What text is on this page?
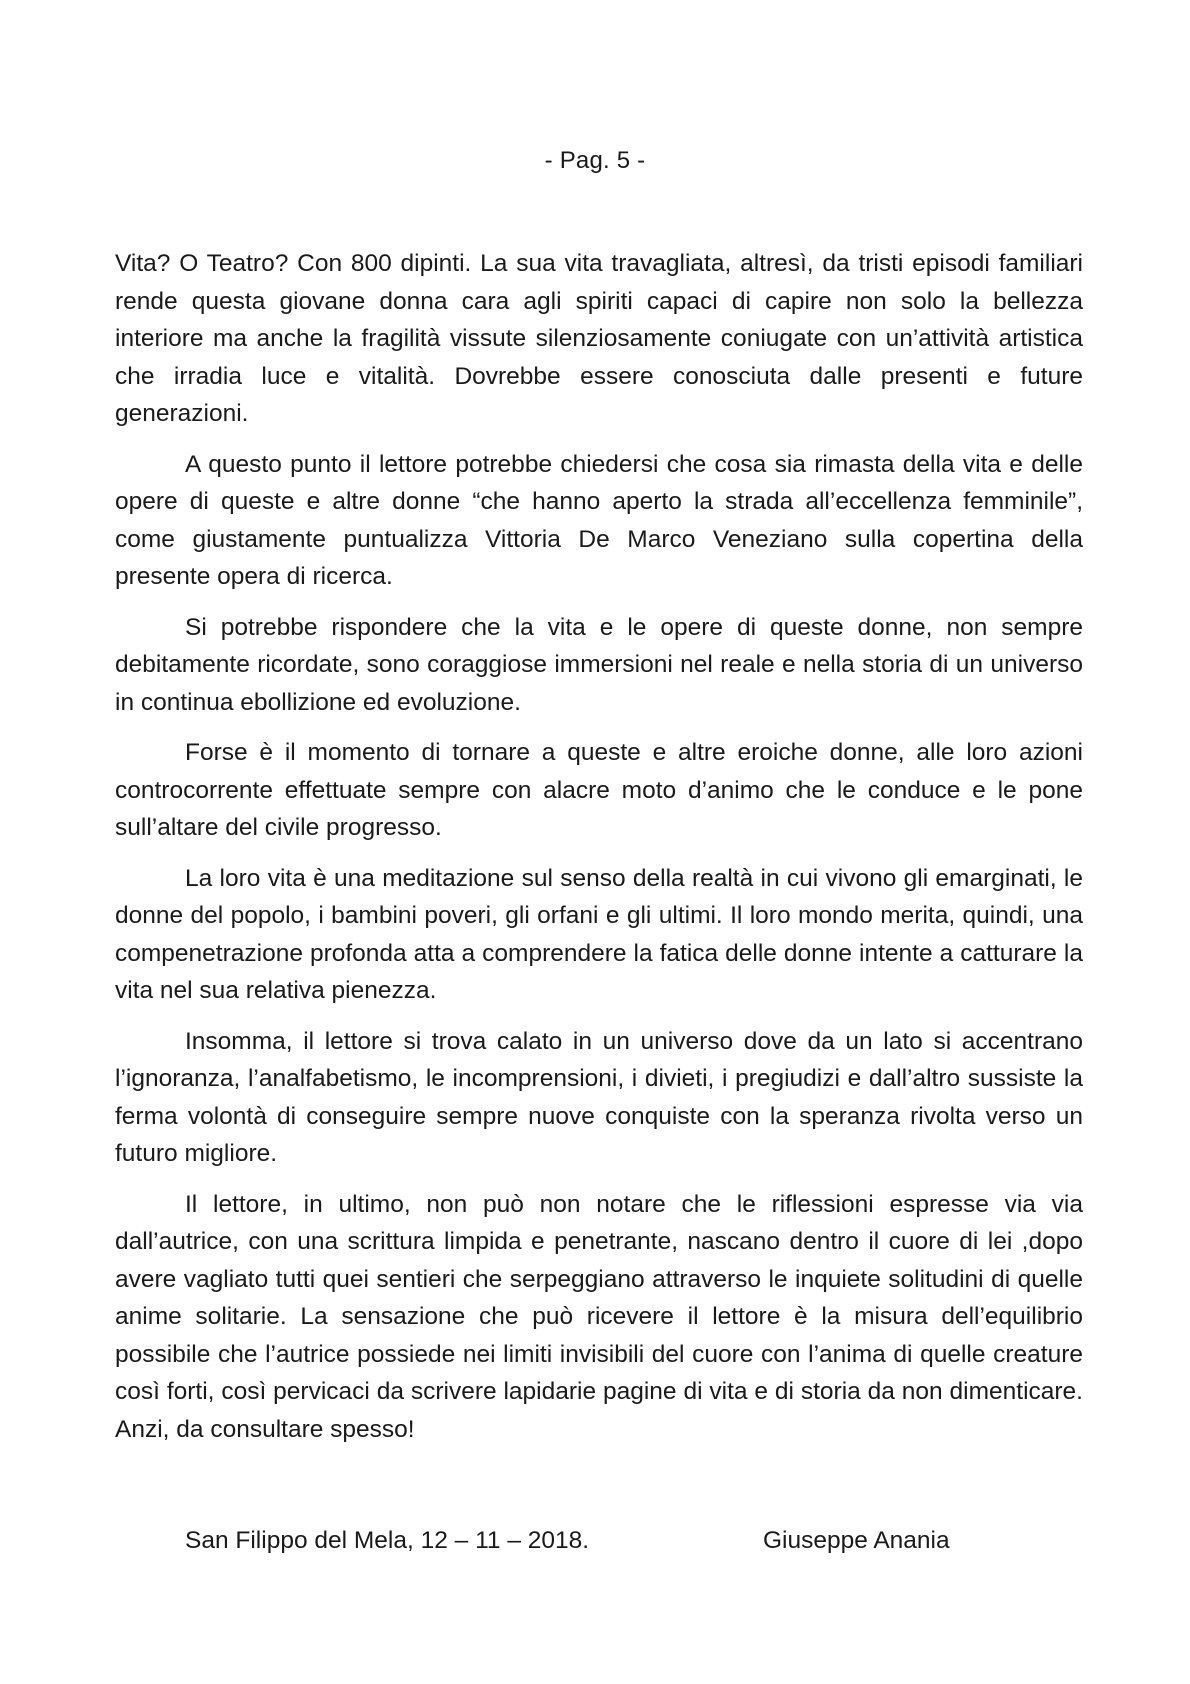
- Pag. 5 -

Vita? O Teatro? Con 800 dipinti. La sua vita travagliata, altresì, da tristi episodi familiari rende questa giovane donna cara agli spiriti capaci di capire non solo la bellezza interiore ma anche la fragilità vissute silenziosamente coniugate con un’attività artistica che irradia luce e vitalità. Dovrebbe essere conosciuta dalle presenti e future generazioni.

A questo punto il lettore potrebbe chiedersi che cosa sia rimasta della vita e delle opere di queste e altre donne “che hanno aperto la strada all’eccellenza femminile”, come giustamente puntualizza Vittoria De Marco Veneziano sulla copertina della presente opera di ricerca.

Si potrebbe rispondere che la vita e le opere di queste donne, non sempre debitamente ricordate, sono coraggiose immersioni nel reale e nella storia di un universo in continua ebollizione ed evoluzione.

Forse è il momento di tornare a queste e altre eroiche donne, alle loro azioni controcorrente effettuate sempre con alacre moto d’animo che le conduce e le pone sull’altare del civile progresso.

La loro vita è una meditazione sul senso della realtà in cui vivono gli emarginati, le donne del popolo, i bambini poveri, gli orfani e gli ultimi. Il loro mondo merita, quindi, una compenetrazione profonda atta a comprendere la fatica delle donne intente a catturare la vita nel sua relativa pienezza.

Insomma, il lettore si trova calato in un universo dove da un lato si accentrano l’ignoranza, l’analfabetismo, le incomprensioni, i divieti, i pregiudizi e dall’altro sussiste la ferma volontà di conseguire sempre nuove conquiste con la speranza rivolta verso un futuro migliore.

Il lettore, in ultimo, non può non notare che le riflessioni espresse via via dall’autrice, con una scrittura limpida e penetrante, nascano dentro il cuore di lei ,dopo avere vagliato tutti quei sentieri che serpeggiano attraverso le inquiete solitudini di quelle anime solitarie. La sensazione che può ricevere il lettore è la misura dell’equilibrio possibile che l’autrice possiede nei limiti invisibili del cuore con l’anima di quelle creature così forti, così pervicaci da scrivere lapidarie pagine di vita e di storia da non dimenticare. Anzi, da consultare spesso!

San Filippo del Mela, 12 – 11 – 2018.	Giuseppe Anania
